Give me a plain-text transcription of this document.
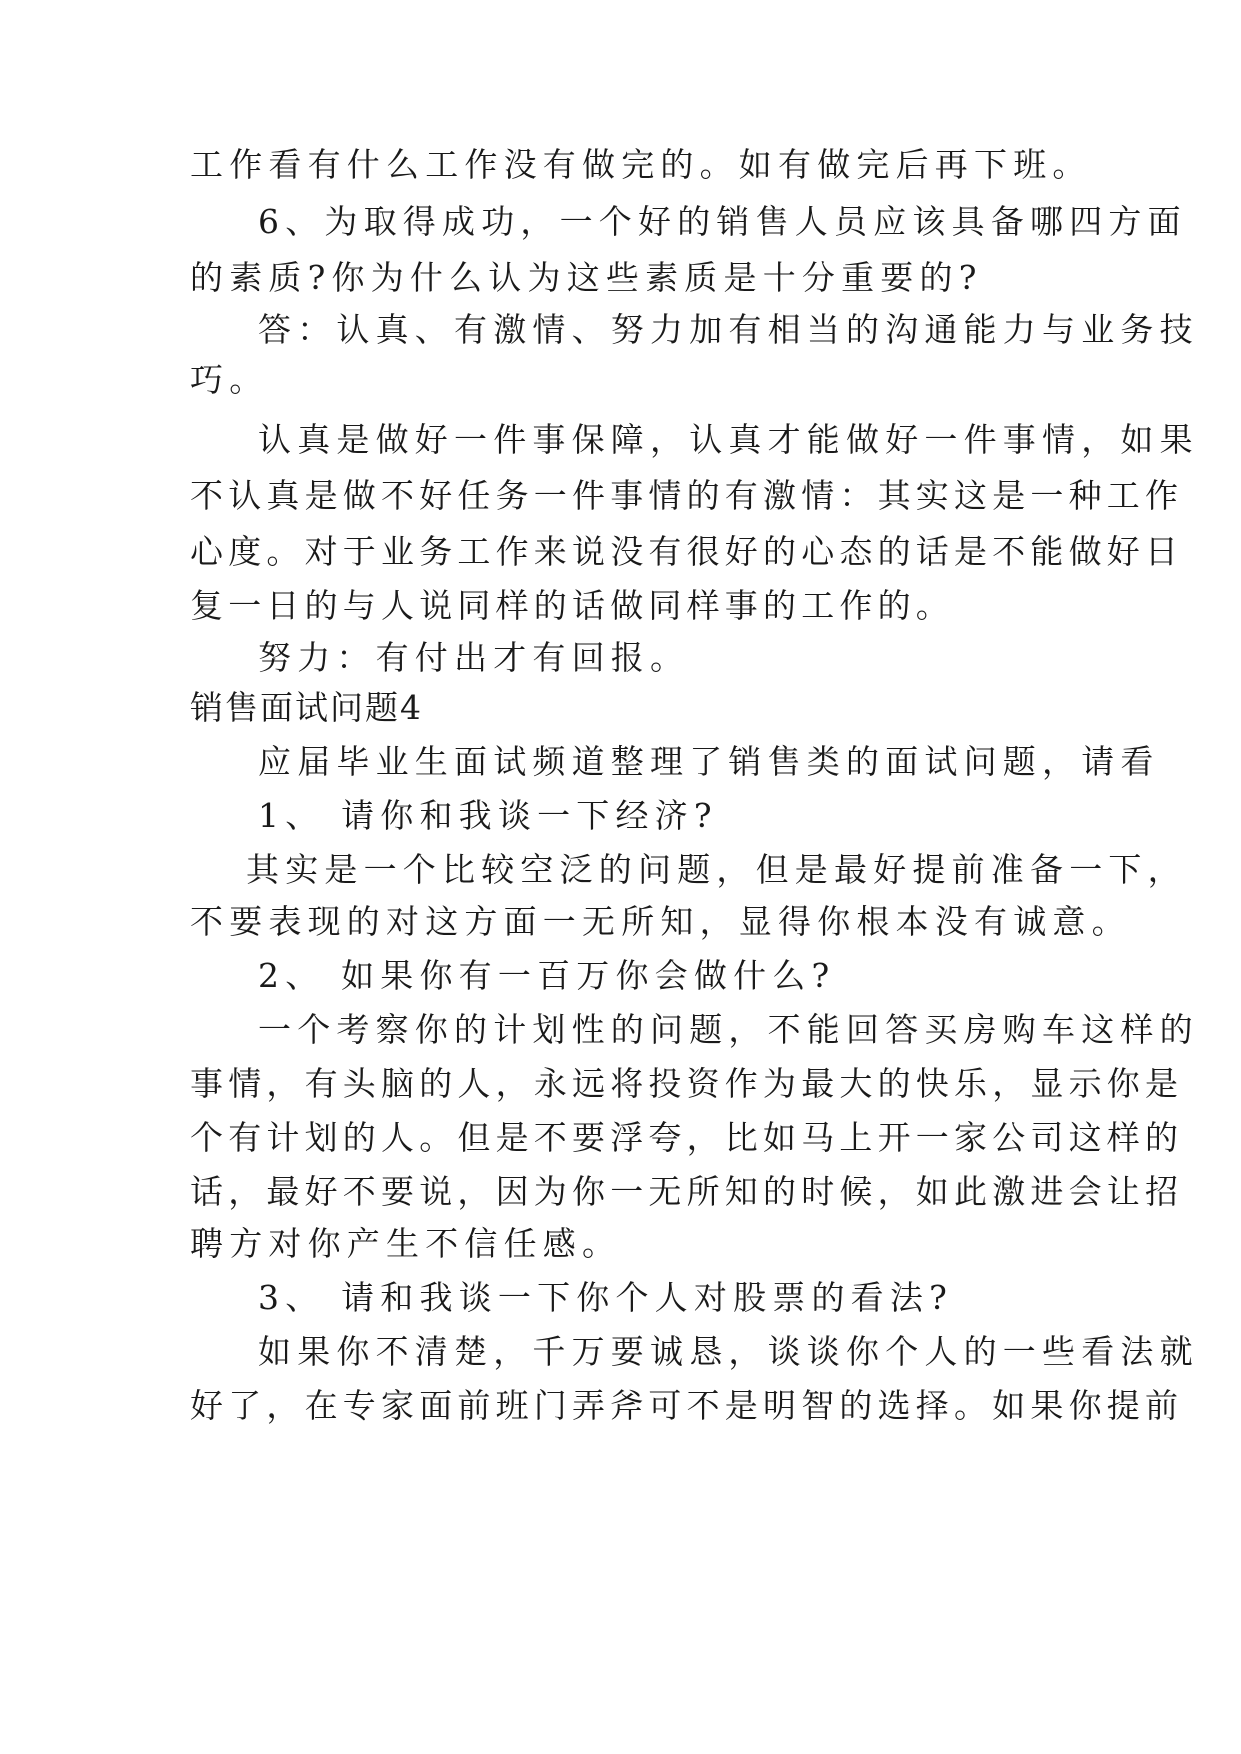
工作看有什么工作没有做完的。如有做完后再下班。
6、为取得成功，一个好的销售人员应该具备哪四方面
的素质?你为什么认为这些素质是十分重要的?
答：认真、有激情、努力加有相当的沟通能力与业务技
巧。
认真是做好一件事保障，认真才能做好一件事情，如果
不认真是做不好任务一件事情的有激情：其实这是一种工作
心度。对于业务工作来说没有很好的心态的话是不能做好日
复一日的与人说同样的话做同样事的工作的。
努力：有付出才有回报。
销售面试问题4
应届毕业生面试频道整理了销售类的面试问题，请看
1、 请你和我谈一下经济?
其实是一个比较空泛的问题，但是最好提前准备一下，
不要表现的对这方面一无所知，显得你根本没有诚意。
2、 如果你有一百万你会做什么?
一个考察你的计划性的问题，不能回答买房购车这样的
事情，有头脑的人，永远将投资作为最大的快乐，显示你是
个有计划的人。但是不要浮夸，比如马上开一家公司这样的
话，最好不要说，因为你一无所知的时候，如此激进会让招
聘方对你产生不信任感。
3、 请和我谈一下你个人对股票的看法?
如果你不清楚，千万要诚恳，谈谈你个人的一些看法就
好了，在专家面前班门弄斧可不是明智的选择。如果你提前
